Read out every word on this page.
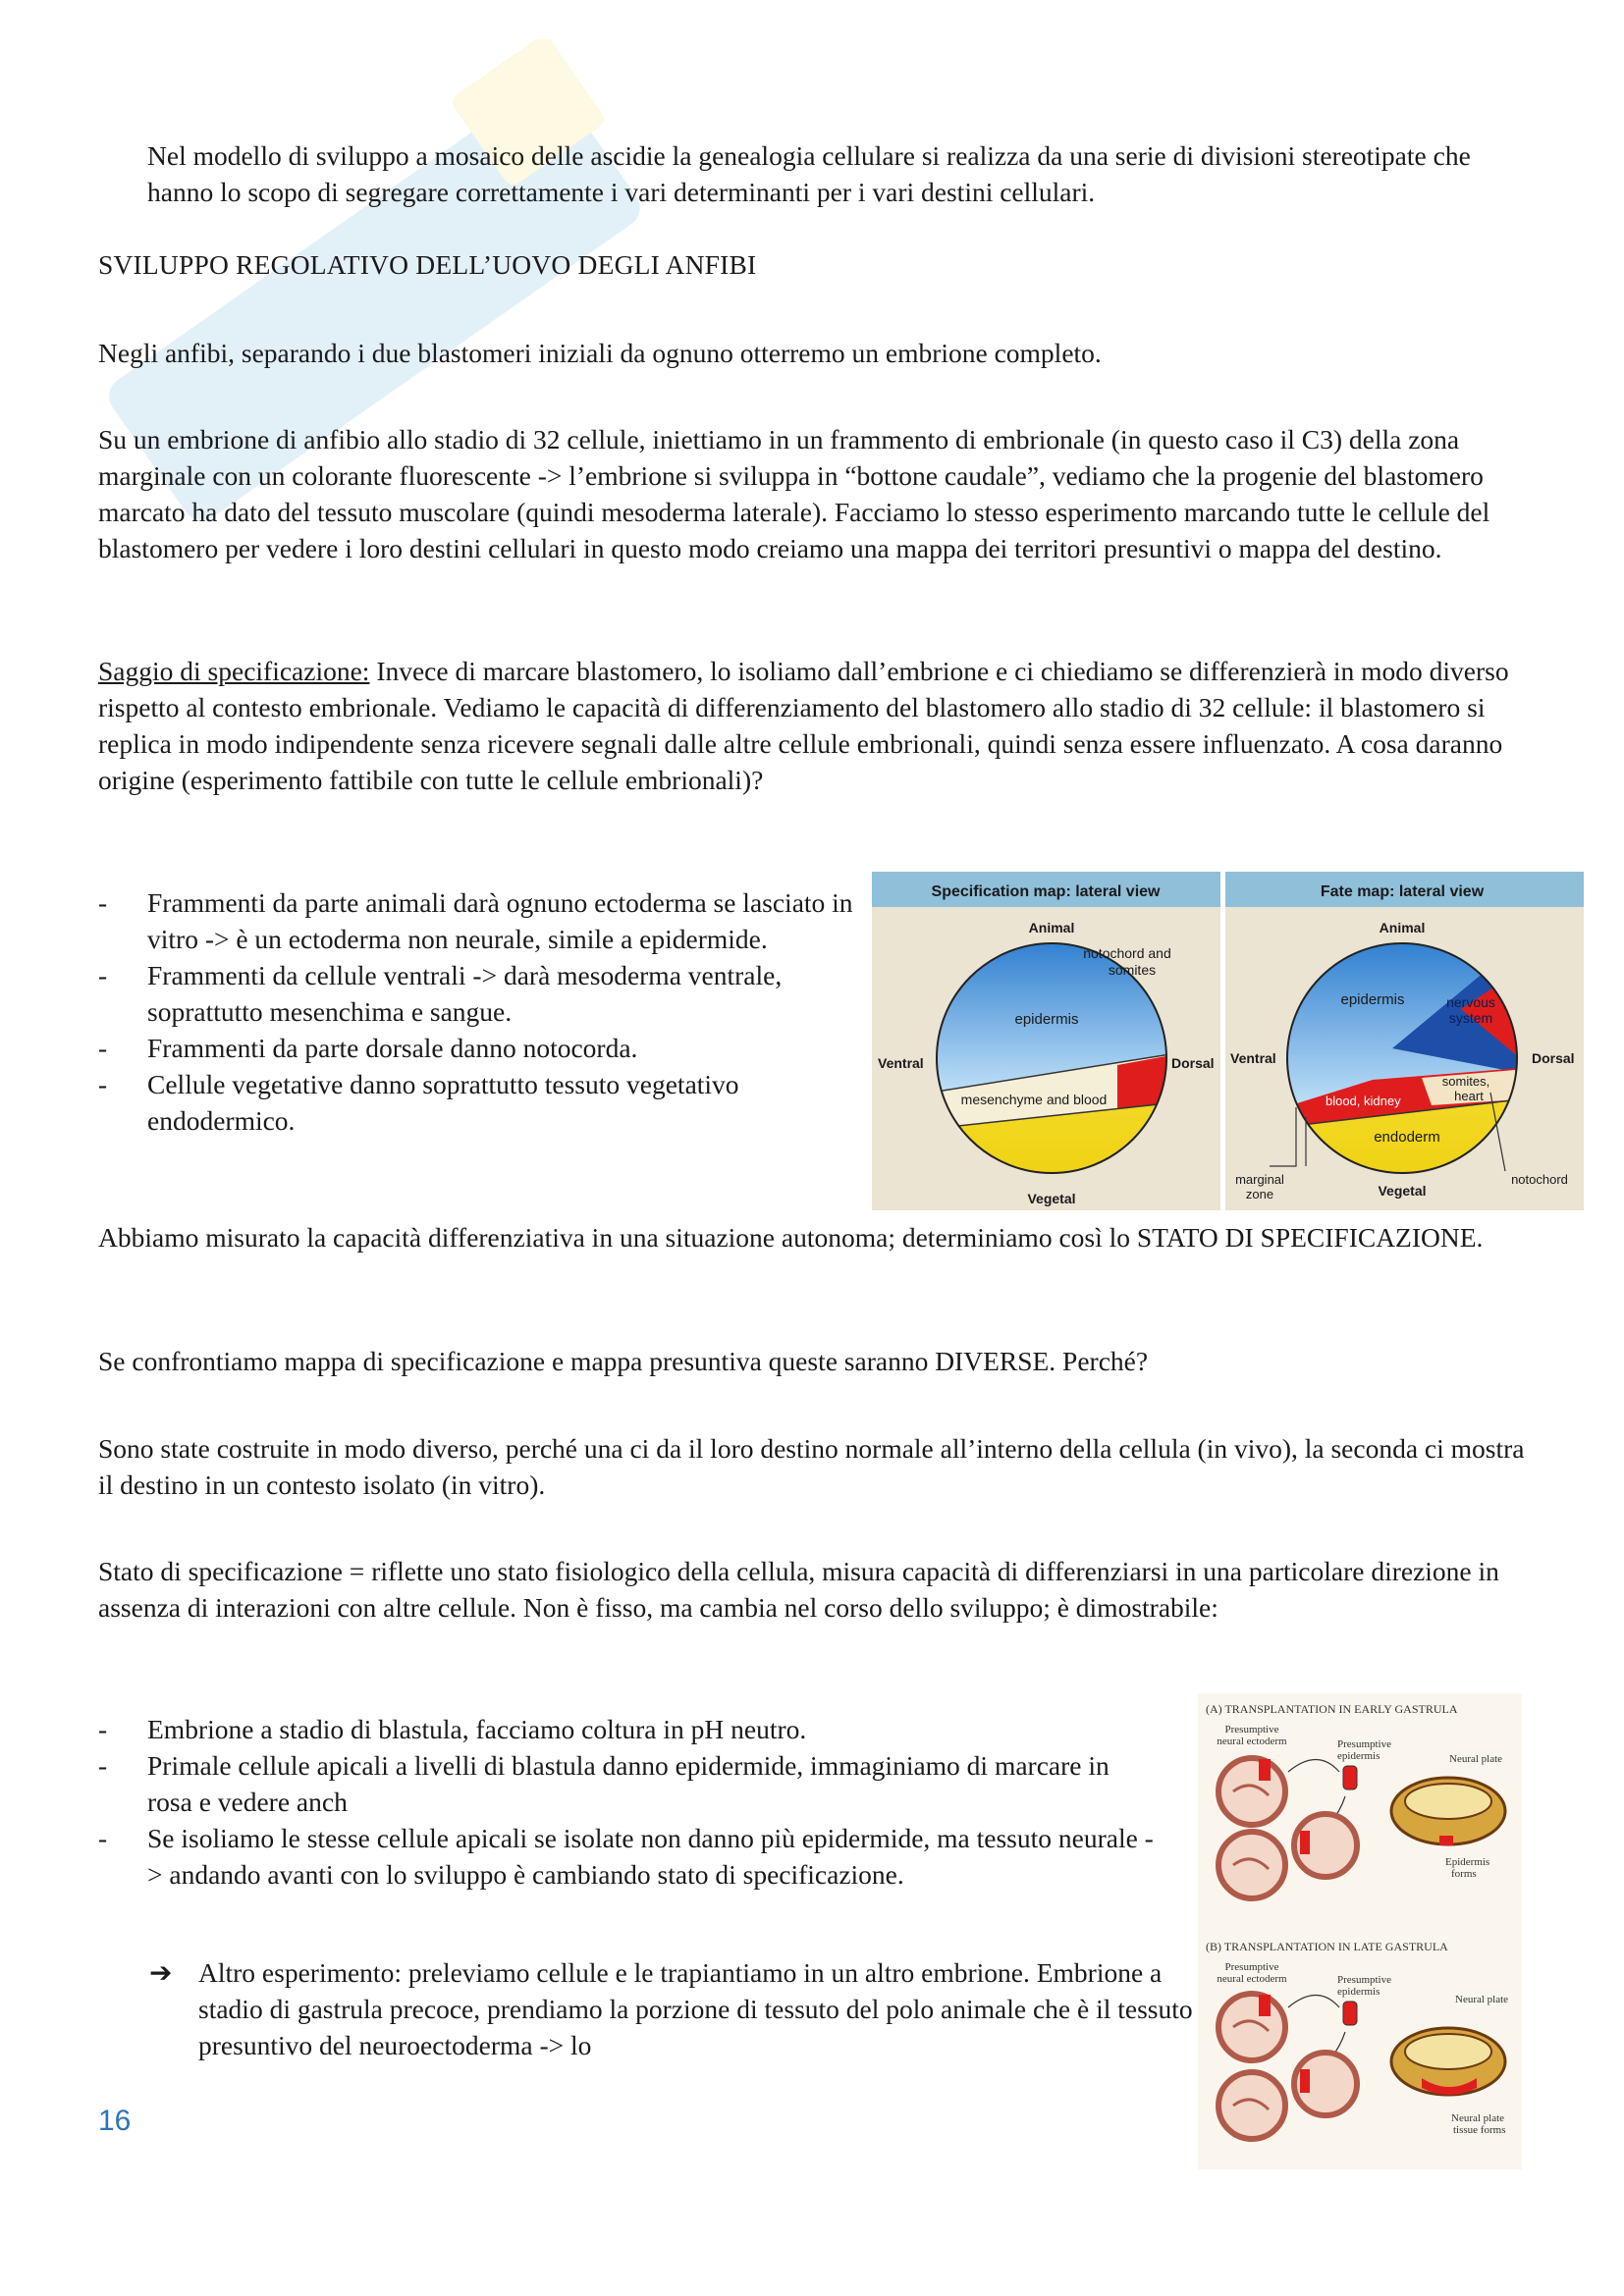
Nel modello di sviluppo a mosaico delle ascidie la genealogia cellulare si realizza da una serie di divisioni stereotipate che hanno lo scopo di segregare correttamente i vari determinanti per i vari destini cellulari.

SVILUPPO REGOLATIVO DELL’UOVO DEGLI ANFIBI

Negli anfibi, separando i due blastomeri iniziali da ognuno otterremo un embrione completo.

Su un embrione di anfibio allo stadio di 32 cellule, iniettiamo in un frammento di embrionale (in questo caso il C3) della zona marginale con un colorante fluorescente -> l’embrione si sviluppa in “bottone caudale”, vediamo che la progenie del blastomero marcato ha dato del tessuto muscolare (quindi mesoderma laterale). Facciamo lo stesso esperimento marcando tutte le cellule del blastomero per vedere i loro destini cellulari in questo modo creiamo una mappa dei territori presuntivi o mappa del destino.

Saggio di specificazione: Invece di marcare blastomero, lo isoliamo dall’embrione e ci chiediamo se differenzierà in modo diverso rispetto al contesto embrionale. Vediamo le capacità di differenziamento del blastomero allo stadio di 32 cellule: il blastomero si replica in modo indipendente senza ricevere segnali dalle altre cellule embrionali, quindi senza essere influenzato. A cosa daranno origine (esperimento fattibile con tutte le cellule embrionali)?

- Frammenti da parte animali darà ognuno ectoderma se lasciato in vitro -> è un ectoderma non neurale, simile a epidermide.
- Frammenti da cellule ventrali -> darà mesoderma ventrale, soprattutto mesenchima e sangue.
- Frammenti da parte dorsale danno notocorda.
- Cellule vegetative danno soprattutto tessuto vegetativo endodermico.
Specification map: lateral view
Animal
Vegetal
Ventral	Dorsal
notochord and
somites
epidermis
mesenchyme and blood
Fate map: lateral view
Animal
Vegetal
Ventral	Dorsal
epidermis	nervous
system
somites,
heart
blood, kidney
endoderm
marginal
zone
notochord

Abbiamo misurato la capacità differenziativa in una situazione autonoma; determiniamo così lo STATO DI SPECIFICAZIONE.

Se confrontiamo mappa di specificazione e mappa presuntiva queste saranno DIVERSE. Perché?

Sono state costruite in modo diverso, perché una ci da il loro destino normale all’interno della cellula (in vivo), la seconda ci mostra il destino in un contesto isolato (in vitro).

Stato di specificazione = riflette uno stato fisiologico della cellula, misura capacità di differenziarsi in una particolare direzione in assenza di interazioni con altre cellule. Non è fisso, ma cambia nel corso dello sviluppo; è dimostrabile:

- Embrione a stadio di blastula, facciamo coltura in pH neutro.
- Primale cellule apicali a livelli di blastula danno epidermide, immaginiamo di marcare in rosa e vedere anch
- Se isoliamo le stesse cellule apicali se isolate non danno più epidermide, ma tessuto neurale -> andando avanti con lo sviluppo è cambiando stato di specificazione.
➔ Altro esperimento: preleviamo cellule e le trapiantiamo in un altro embrione. Embrione a stadio di gastrula precoce, prendiamo la porzione di tessuto del polo animale che è il tessuto presuntivo del neuroectoderma -> lo
(A) TRANSPLANTATION IN EARLY GASTRULA
Presumptive
neural ectoderm	Presumptive
epidermis	Neural plate
Epidermis
forms
(B) TRANSPLANTATION IN LATE GASTRULA
Presumptive
neural ectoderm	Presumptive
epidermis
Neural plate
Neural plate
tissue forms
16
